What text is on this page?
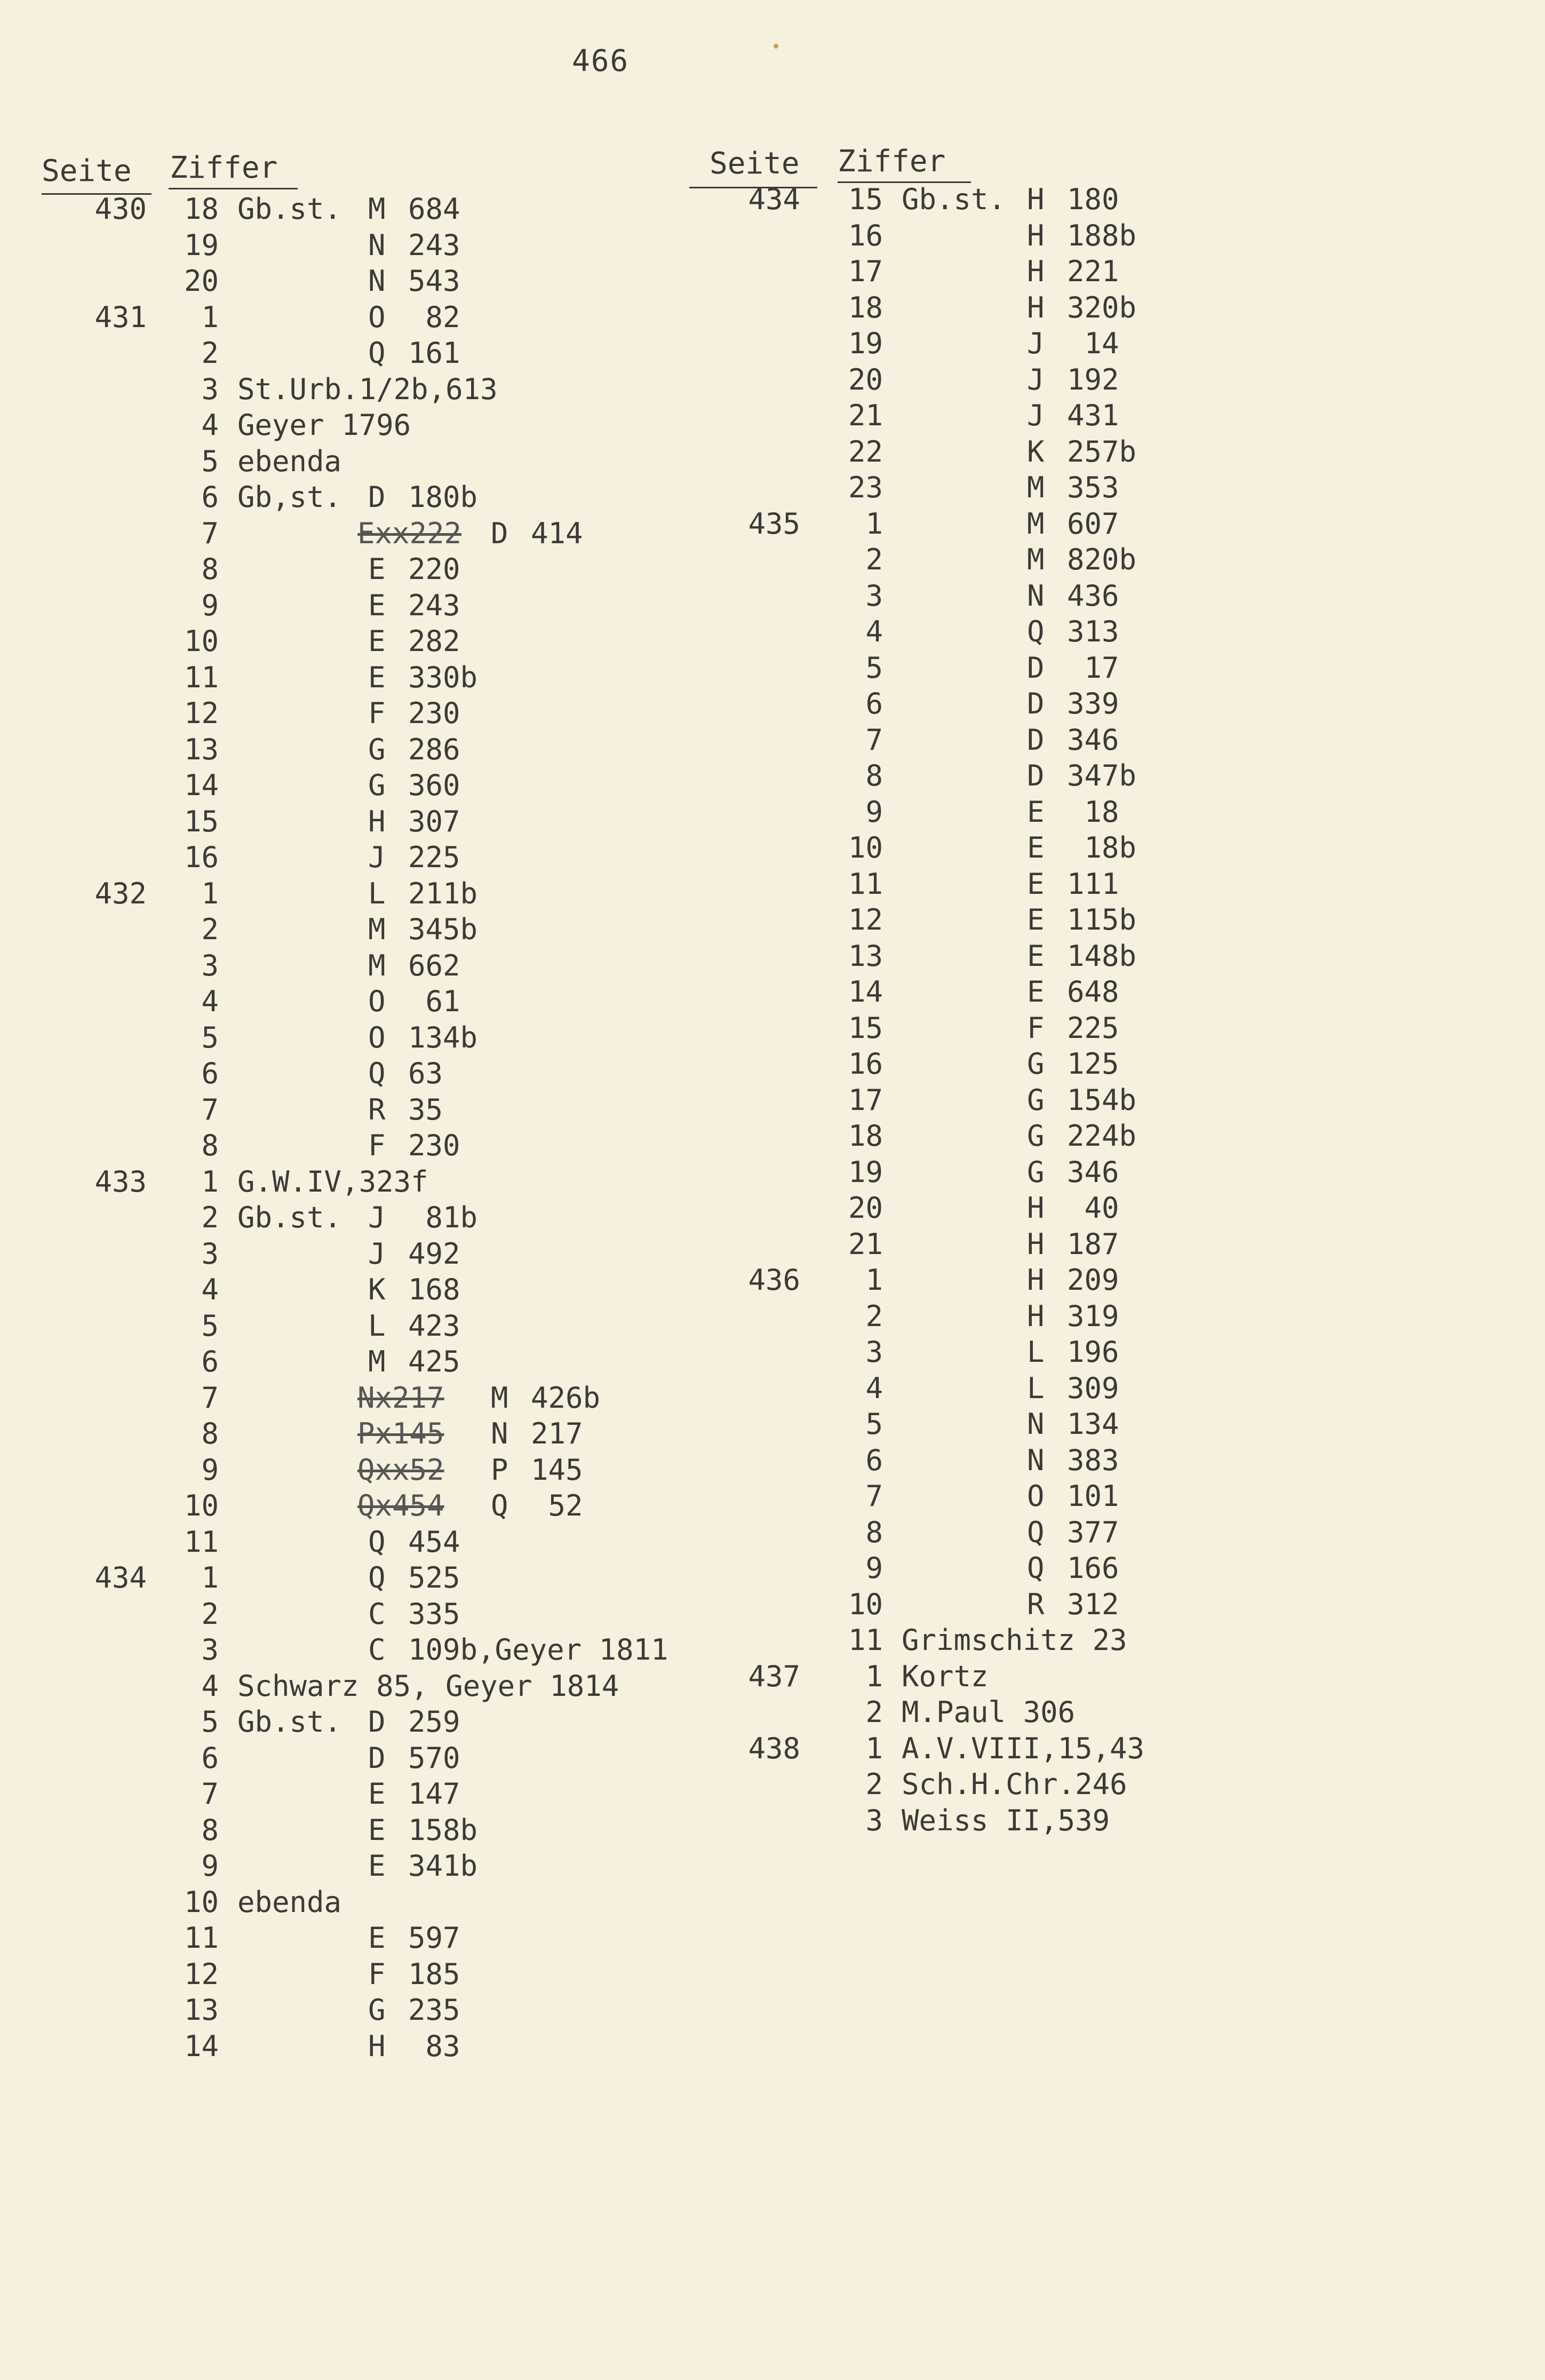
466
Seite Ziffer	Seite Ziffer
430 18 Gb.st. M 684
19	N 243
20	N 543
431 1	O 82
2	Q 161
3 St.Urb.1/2b,613
4 Geyer 1796
5 ebenda
6 Gb,st. D 180b
7	Exx222 D 414
8	E 220
9	E 243
10	E 282
11	E 330b
12	F 230
13	G 286
14	G 360
15	H 307
16	J 225
432 1	L 211b
2	M 345b
3	M 662
4	O 61
5	O 134b
6	Q 63
7	R 35
8	F 230
433 1 G.W.IV,323f
2 Gb.st. J 81b
3	J 492
4	K 168
5	L 423
6	M 425
7	Nx217 M 426b
8	Px145 N 217
9	Qxx52 P 145
10	Qx454 Q 52
11	Q 454
434 1	Q 525
2	C 335
3	C 109b,Geyer 1811
4 Schwarz 85, Geyer 1814
5 Gb.st. D 259
6	D 570
7	E 147
8	E 158b
9	E 341b
10 ebenda
11	E 597
12	F 185
13	G 235
14	H 83
434 15 Gb.st. H 180
16	H 188b
17	H 221
18	H 320b
19	J 14
20	J 192
21	J 431
22	K 257b
23	M 353
435 1	M 607
2	M 820b
3	N 436
4	Q 313
5	D 17
6	D 339
7	D 346
8	D 347b
9	E 18
10	E 18b
11	E 111
12	E 115b
13	E 148b
14	E 648
15	F 225
16	G 125
17	G 154b
18	G 224b
19	G 346
20	H 40
21	H 187
436 1	H 209
2	H 319
3	L 196
4	L 309
5	N 134
6	N 383
7	O 101
8	Q 377
9	Q 166
10	R 312
11 Grimschitz 23
437 1 Kortz
2 M.Paul 306
438 1 A.V.VIII,15,43
2 Sch.H.Chr.246
3 Weiss II,539
